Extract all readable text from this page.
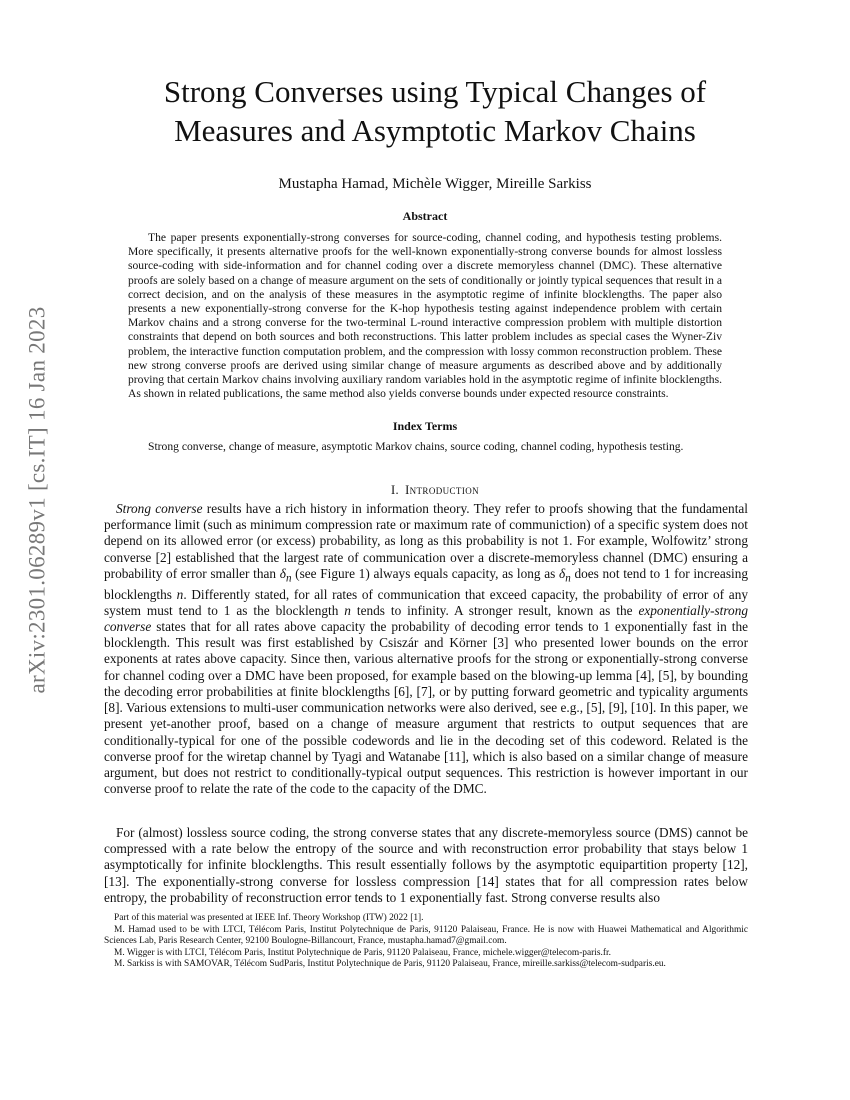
arXiv:2301.06289v1 [cs.IT] 16 Jan 2023
Strong Converses using Typical Changes of
Measures and Asymptotic Markov Chains
Mustapha Hamad, Michèle Wigger, Mireille Sarkiss
Abstract

The paper presents exponentially-strong converses for source-coding, channel coding, and hypothesis testing problems. More specifically, it presents alternative proofs for the well-known exponentially-strong converse bounds for almost lossless source-coding with side-information and for channel coding over a discrete memoryless channel (DMC). These alternative proofs are solely based on a change of measure argument on the sets of conditionally or jointly typical sequences that result in a correct decision, and on the analysis of these measures in the asymptotic regime of infinite blocklengths. The paper also presents a new exponentially-strong converse for the K-hop hypothesis testing against independence problem with certain Markov chains and a strong converse for the two-terminal L-round interactive compression problem with multiple distortion constraints that depend on both sources and both reconstructions. This latter problem includes as special cases the Wyner-Ziv problem, the interactive function computation problem, and the compression with lossy common reconstruction problem. These new strong converse proofs are derived using similar change of measure arguments as described above and by additionally proving that certain Markov chains involving auxiliary random variables hold in the asymptotic regime of infinite blocklengths. As shown in related publications, the same method also yields converse bounds under expected resource constraints.

Index Terms

Strong converse, change of measure, asymptotic Markov chains, source coding, channel coding, hypothesis testing.

I. Introduction

Strong converse results have a rich history in information theory. They refer to proofs showing that the fundamental performance limit (such as minimum compression rate or maximum rate of communiction) of a specific system does not depend on its allowed error (or excess) probability, as long as this probability is not 1. For example, Wolfowitz’ strong converse [2] established that the largest rate of communication over a discrete-memoryless channel (DMC) ensuring a probability of error smaller than $\delta_n$ (see Figure 1) always equals capacity, as long as $\delta_n$ does not tend to 1 for increasing blocklengths n. Differently stated, for all rates of communication that exceed capacity, the probability of error of any system must tend to 1 as the blocklength n tends to infinity. A stronger result, known as the exponentially-strong converse states that for all rates above capacity the probability of decoding error tends to 1 exponentially fast in the blocklength. This result was first established by Csiszár and Körner [3] who presented lower bounds on the error exponents at rates above capacity. Since then, various alternative proofs for the strong or exponentially-strong converse for channel coding over a DMC have been proposed, for example based on the blowing-up lemma [4], [5], by bounding the decoding error probabilities at finite blocklengths [6], [7], or by putting forward geometric and typicality arguments [8]. Various extensions to multi-user communication networks were also derived, see e.g., [5], [9], [10]. In this paper, we present yet-another proof, based on a change of measure argument that restricts to output sequences that are conditionally-typical for one of the possible codewords and lie in the decoding set of this codeword. Related is the converse proof for the wiretap channel by Tyagi and Watanabe [11], which is also based on a similar change of measure argument, but does not restrict to conditionally-typical output sequences. This restriction is however important in our converse proof to relate the rate of the code to the capacity of the DMC.

For (almost) lossless source coding, the strong converse states that any discrete-memoryless source (DMS) cannot be compressed with a rate below the entropy of the source and with reconstruction error probability that stays below 1 asymptotically for infinite blocklengths. This result essentially follows by the asymptotic equipartition property [12], [13]. The exponentially-strong converse for lossless compression [14] states that for all compression rates below entropy, the probability of reconstruction error tends to 1 exponentially fast. Strong converse results also

Part of this material was presented at IEEE Inf. Theory Workshop (ITW) 2022 [1].

M. Hamad used to be with LTCI, Télécom Paris, Institut Polytechnique de Paris, 91120 Palaiseau, France. He is now with Huawei Mathematical and Algorithmic Sciences Lab, Paris Research Center, 92100 Boulogne-Billancourt, France, mustapha.hamad7@gmail.com.

M. Wigger is with LTCI, Télécom Paris, Institut Polytechnique de Paris, 91120 Palaiseau, France, michele.wigger@telecom-paris.fr.

M. Sarkiss is with SAMOVAR, Télécom SudParis, Institut Polytechnique de Paris, 91120 Palaiseau, France, mireille.sarkiss@telecom-sudparis.eu.
